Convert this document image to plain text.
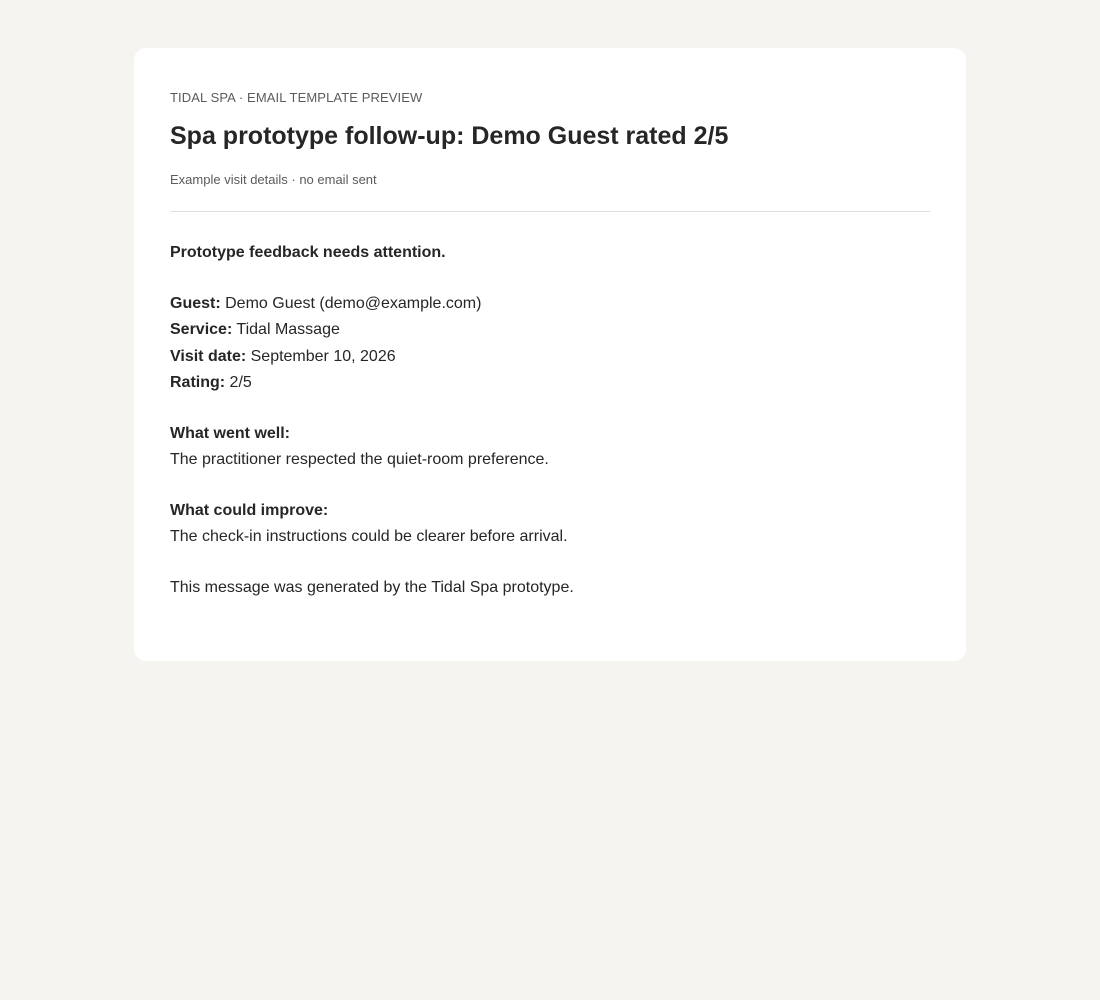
TIDAL SPA · EMAIL TEMPLATE PREVIEW
Spa prototype follow-up: Demo Guest rated 2/5
Example visit details · no email sent

Prototype feedback needs attention.

Guest: Demo Guest (demo@example.com)

Service: Tidal Massage

Visit date: September 10, 2026

Rating: 2/5

What went well:

The practitioner respected the quiet-room preference.

What could improve:

The check-in instructions could be clearer before arrival.

This message was generated by the Tidal Spa prototype.
